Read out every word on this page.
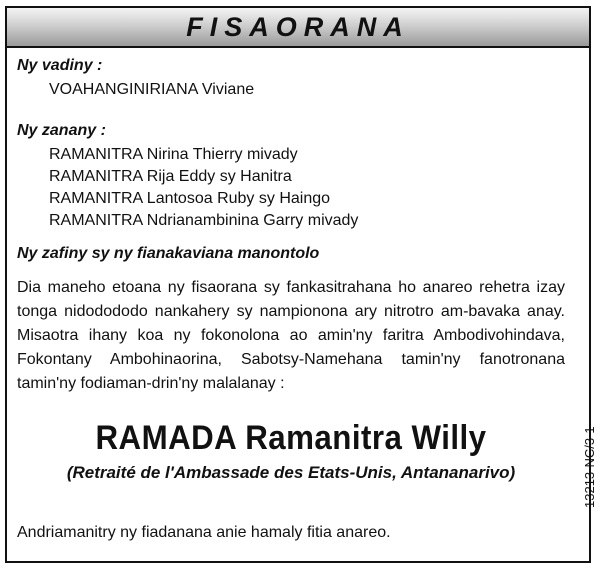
FISAORANA

Ny vadiny :

VOAHANGINIRIANA Viviane

Ny zanany :

RAMANITRA Nirina Thierry mivady
RAMANITRA Rija Eddy sy Hanitra
RAMANITRA Lantosoa Ruby sy Haingo
RAMANITRA Ndrianambinina Garry mivady

Ny zafiny sy ny fianakaviana manontolo

Dia maneho etoana ny fisaorana sy fankasitrahana ho anareo rehetra izay tonga nidodododo nankahery sy nampionona ary nitrotro am-bavaka anay. Misaotra ihany koa ny fokonolona ao amin'ny faritra Ambodivohindava, Fokontany Ambohinaorina, Sabotsy-Namehana tamin'ny fanotronana tamin'ny fodiaman-drin'ny malalanay :

RAMADA Ramanitra Willy

(Retraité de l'Ambassade des Etats-Unis, Antananarivo)

Andriamanitry ny fiadanana anie hamaly fitia anareo.

13213-NC/3-1
